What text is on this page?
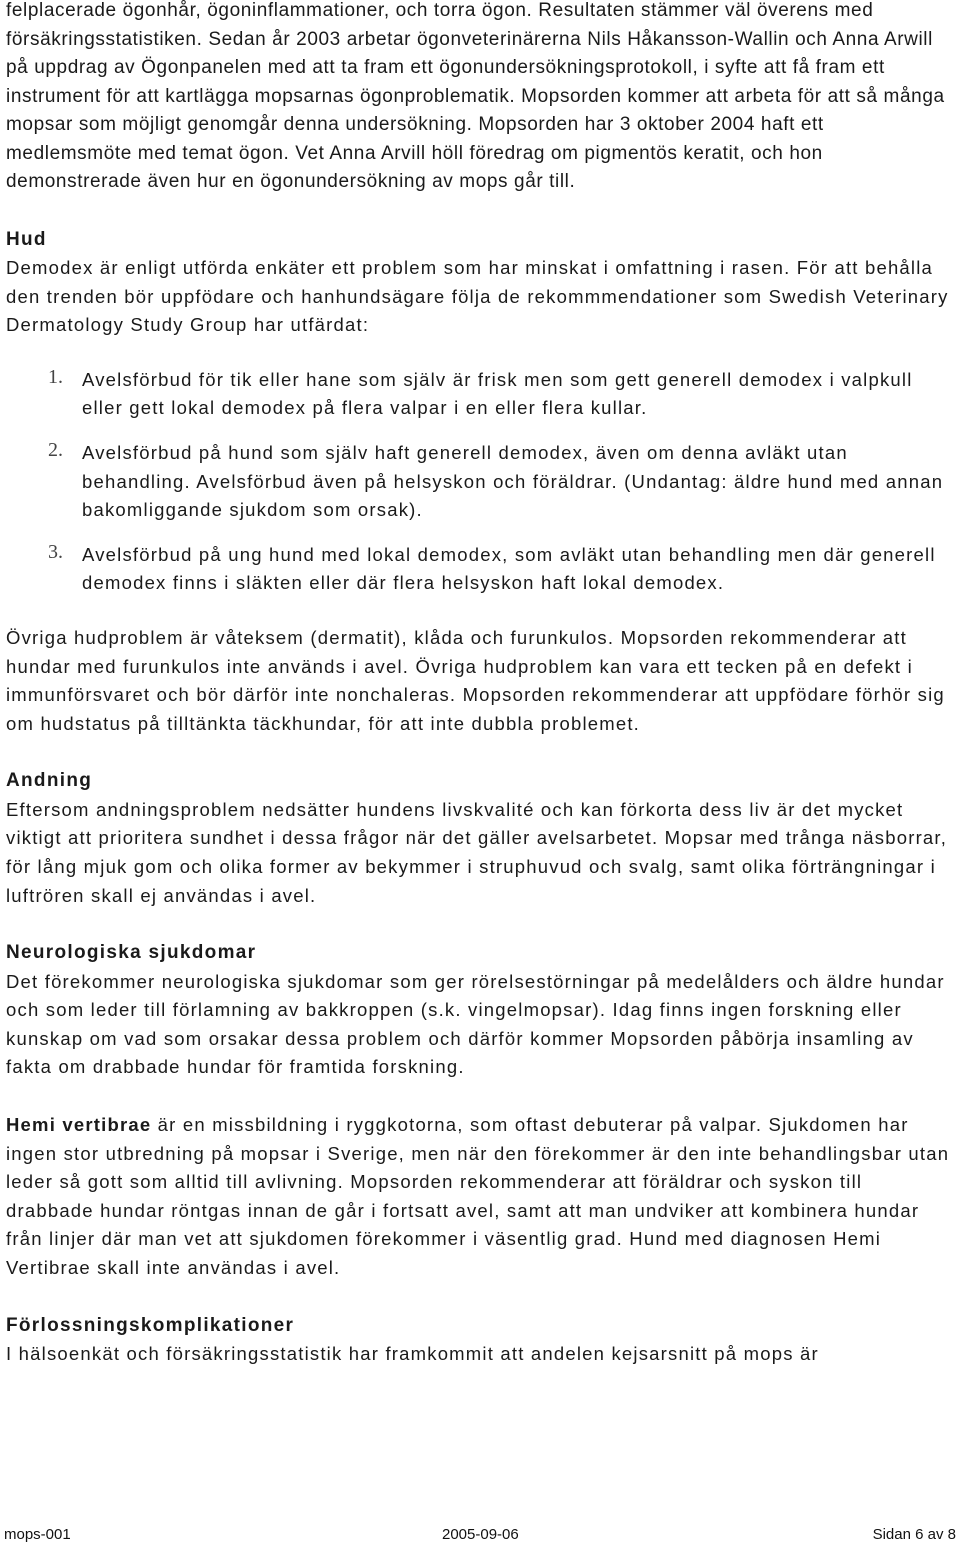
felplacerade ögonhår, ögoninflammationer, och torra ögon. Resultaten stämmer väl överens med försäkringsstatistiken. Sedan år 2003 arbetar ögonveterinärerna Nils Håkansson-Wallin och Anna Arwill på uppdrag av Ögonpanelen med att ta fram ett ögonundersökningsprotokoll, i syfte att få fram ett instrument för att kartlägga mopsarnas ögonproblematik. Mopsorden kommer att arbeta för att så många mopsar som möjligt genomgår denna undersökning. Mopsorden har 3 oktober 2004 haft ett medlemsmöte med temat ögon. Vet Anna Arvill höll föredrag om pigmentös keratit, och hon demonstrerade även hur en ögonundersökning av mops går till.

Hud

Demodex är enligt utförda enkäter ett problem som har minskat i omfattning i rasen. För att behålla den trenden bör uppfödare och hanhundsägare följa de rekommmendationer som Swedish Veterinary Dermatology Study Group har utfärdat:

1. Avelsförbud för tik eller hane som själv är frisk men som gett generell demodex i valpkull eller gett lokal demodex på flera valpar i en eller flera kullar.
2. Avelsförbud på hund som själv haft generell demodex, även om denna avläkt utan behandling. Avelsförbud även på helsyskon och föräldrar. (Undantag: äldre hund med annan bakomliggande sjukdom som orsak).
3. Avelsförbud på ung hund med lokal demodex, som avläkt utan behandling men där generell demodex finns i släkten eller där flera helsyskon haft lokal demodex.

Övriga hudproblem är våteksem (dermatit), klåda och furunkulos. Mopsorden rekommenderar att hundar med furunkulos inte används i avel. Övriga hudproblem kan vara ett tecken på en defekt i immunförsvaret och bör därför inte nonchaleras. Mopsorden rekommenderar att uppfödare förhör sig om hudstatus på tilltänkta täckhundar, för att inte dubbla problemet.

Andning

Eftersom andningsproblem nedsätter hundens livskvalité och kan förkorta dess liv är det mycket viktigt att prioritera sundhet i dessa frågor när det gäller avelsarbetet. Mopsar med trånga näsborrar, för lång mjuk gom och olika former av bekymmer i struphuvud och svalg, samt olika förträngningar i luftrören skall ej användas i avel.

Neurologiska sjukdomar

Det förekommer neurologiska sjukdomar som ger rörelsestörningar på medelålders och äldre hundar och som leder till förlamning av bakkroppen (s.k. vingelmopsar). Idag finns ingen forskning eller kunskap om vad som orsakar dessa problem och därför kommer Mopsorden påbörja insamling av fakta om drabbade hundar för framtida forskning.

Hemi vertibrae är en missbildning i ryggkotorna, som oftast debuterar på valpar. Sjukdomen har ingen stor utbredning på mopsar i Sverige, men när den förekommer är den inte behandlingsbar utan leder så gott som alltid till avlivning. Mopsorden rekommenderar att föräldrar och syskon till drabbade hundar röntgas innan de går i fortsatt avel, samt att man undviker att kombinera hundar från linjer där man vet att sjukdomen förekommer i väsentlig grad. Hund med diagnosen Hemi Vertibrae skall inte användas i avel.

Förlossningskomplikationer

I hälsoenkät och försäkringsstatistik har framkommit att andelen kejsarsnitt på mops är

mops-001	2005-09-06	Sidan 6 av 8
